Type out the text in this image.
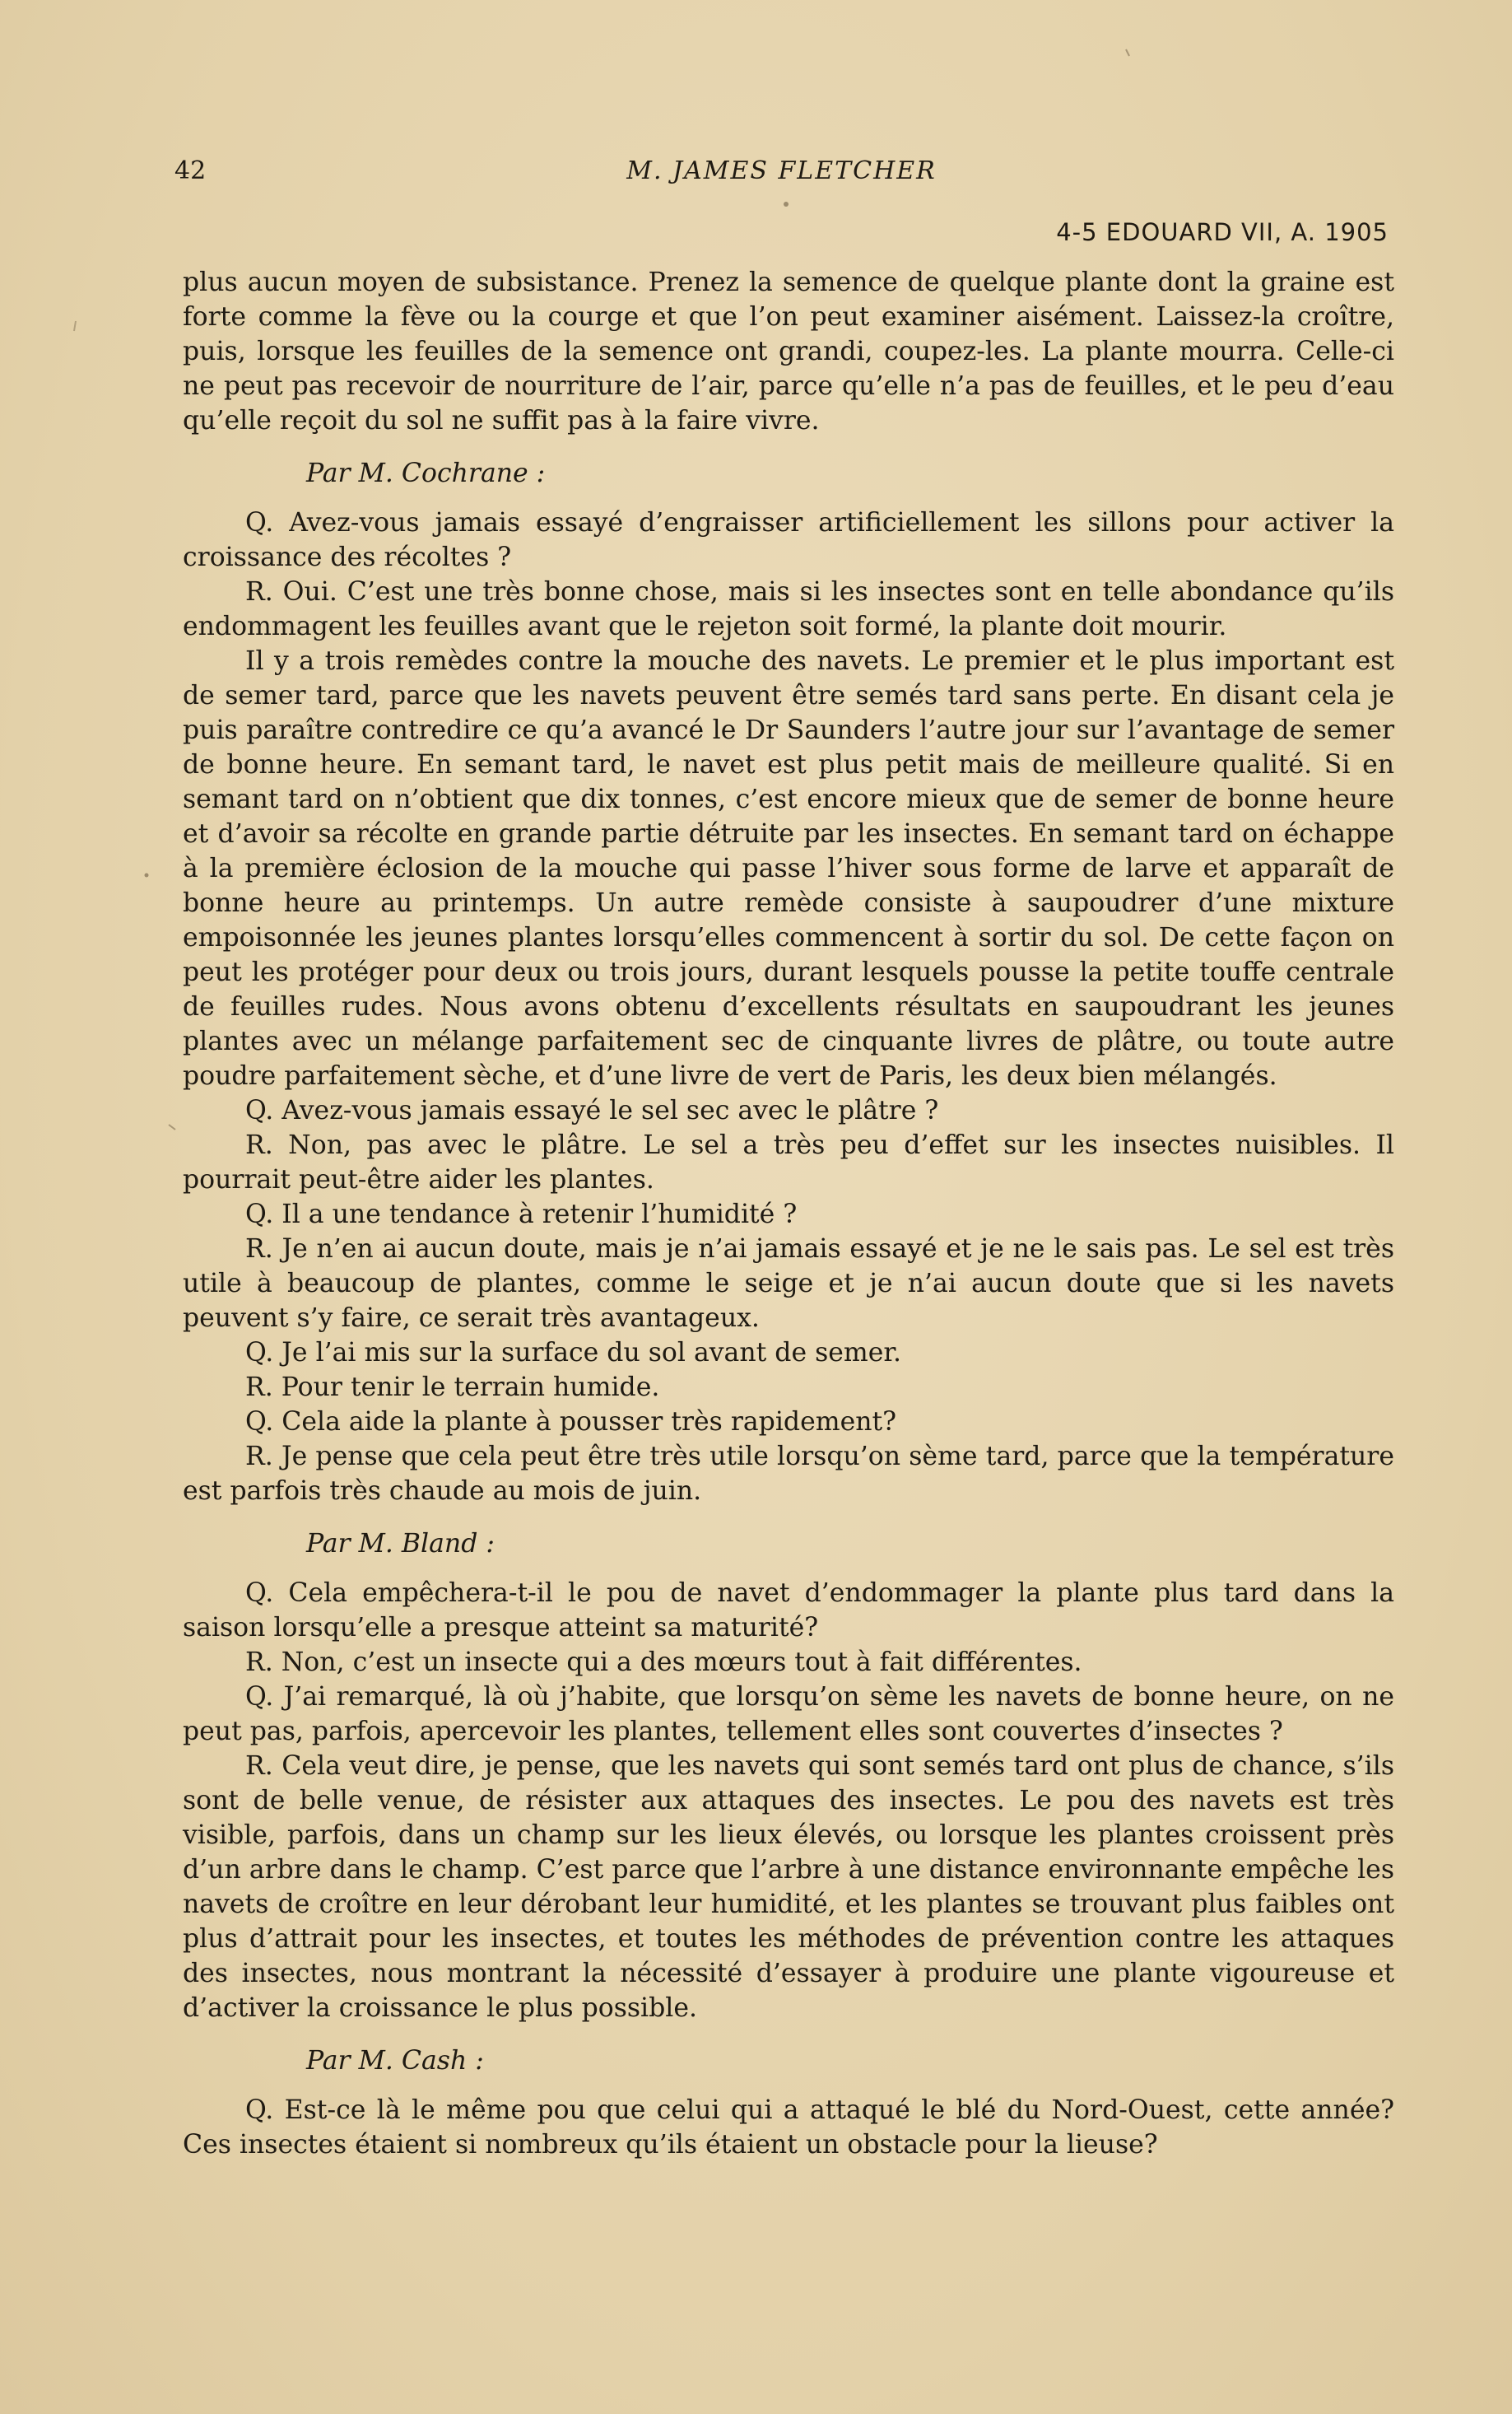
42	M. JAMES FLETCHER
4-5 EDOUARD VII, A. 1905

plus aucun moyen de subsistance. Prenez la semence de quelque plante dont la graine est forte comme la fève ou la courge et que l’on peut examiner aisément. Laissez-la croître, puis, lorsque les feuilles de la semence ont grandi, coupez-les. La plante mourra. Celle-ci ne peut pas recevoir de nourriture de l’air, parce qu’elle n’a pas de feuilles, et le peu d’eau qu’elle reçoit du sol ne suffit pas à la faire vivre.

Par M. Cochrane :

Q. Avez-vous jamais essayé d’engraisser artificiellement les sillons pour activer la croissance des récoltes ?

R. Oui. C’est une très bonne chose, mais si les insectes sont en telle abondance qu’ils endommagent les feuilles avant que le rejeton soit formé, la plante doit mourir.

Il y a trois remèdes contre la mouche des navets. Le premier et le plus important est de semer tard, parce que les navets peuvent être semés tard sans perte. En disant cela je puis paraître contredire ce qu’a avancé le Dr Saunders l’autre jour sur l’avantage de semer de bonne heure. En semant tard, le navet est plus petit mais de meilleure qualité. Si en semant tard on n’obtient que dix tonnes, c’est encore mieux que de semer de bonne heure et d’avoir sa récolte en grande partie détruite par les insectes. En semant tard on échappe à la première éclosion de la mouche qui passe l’hiver sous forme de larve et apparaît de bonne heure au printemps. Un autre remède consiste à saupoudrer d’une mixture empoisonnée les jeunes plantes lorsqu’elles commencent à sortir du sol. De cette façon on peut les protéger pour deux ou trois jours, durant lesquels pousse la petite touffe centrale de feuilles rudes. Nous avons obtenu d’excellents résultats en saupoudrant les jeunes plantes avec un mélange parfaitement sec de cinquante livres de plâtre, ou toute autre poudre parfaitement sèche, et d’une livre de vert de Paris, les deux bien mélangés.

Q. Avez-vous jamais essayé le sel sec avec le plâtre ?

R. Non, pas avec le plâtre. Le sel a très peu d’effet sur les insectes nuisibles. Il pourrait peut-être aider les plantes.

Q. Il a une tendance à retenir l’humidité ?

R. Je n’en ai aucun doute, mais je n’ai jamais essayé et je ne le sais pas. Le sel est très utile à beaucoup de plantes, comme le seige et je n’ai aucun doute que si les navets peuvent s’y faire, ce serait très avantageux.

Q. Je l’ai mis sur la surface du sol avant de semer.

R. Pour tenir le terrain humide.

Q. Cela aide la plante à pousser très rapidement?

R. Je pense que cela peut être très utile lorsqu’on sème tard, parce que la température est parfois très chaude au mois de juin.

Par M. Bland :

Q. Cela empêchera-t-il le pou de navet d’endommager la plante plus tard dans la saison lorsqu’elle a presque atteint sa maturité?

R. Non, c’est un insecte qui a des mœurs tout à fait différentes.

Q. J’ai remarqué, là où j’habite, que lorsqu’on sème les navets de bonne heure, on ne peut pas, parfois, apercevoir les plantes, tellement elles sont couvertes d’insectes ?

R. Cela veut dire, je pense, que les navets qui sont semés tard ont plus de chance, s’ils sont de belle venue, de résister aux attaques des insectes. Le pou des navets est très visible, parfois, dans un champ sur les lieux élevés, ou lorsque les plantes croissent près d’un arbre dans le champ. C’est parce que l’arbre à une distance environnante empêche les navets de croître en leur dérobant leur humidité, et les plantes se trouvant plus faibles ont plus d’attrait pour les insectes, et toutes les méthodes de prévention contre les attaques des insectes, nous montrant la nécessité d’essayer à produire une plante vigoureuse et d’activer la croissance le plus possible.

Par M. Cash :

Q. Est-ce là le même pou que celui qui a attaqué le blé du Nord-Ouest, cette année? Ces insectes étaient si nombreux qu’ils étaient un obstacle pour la lieuse?
